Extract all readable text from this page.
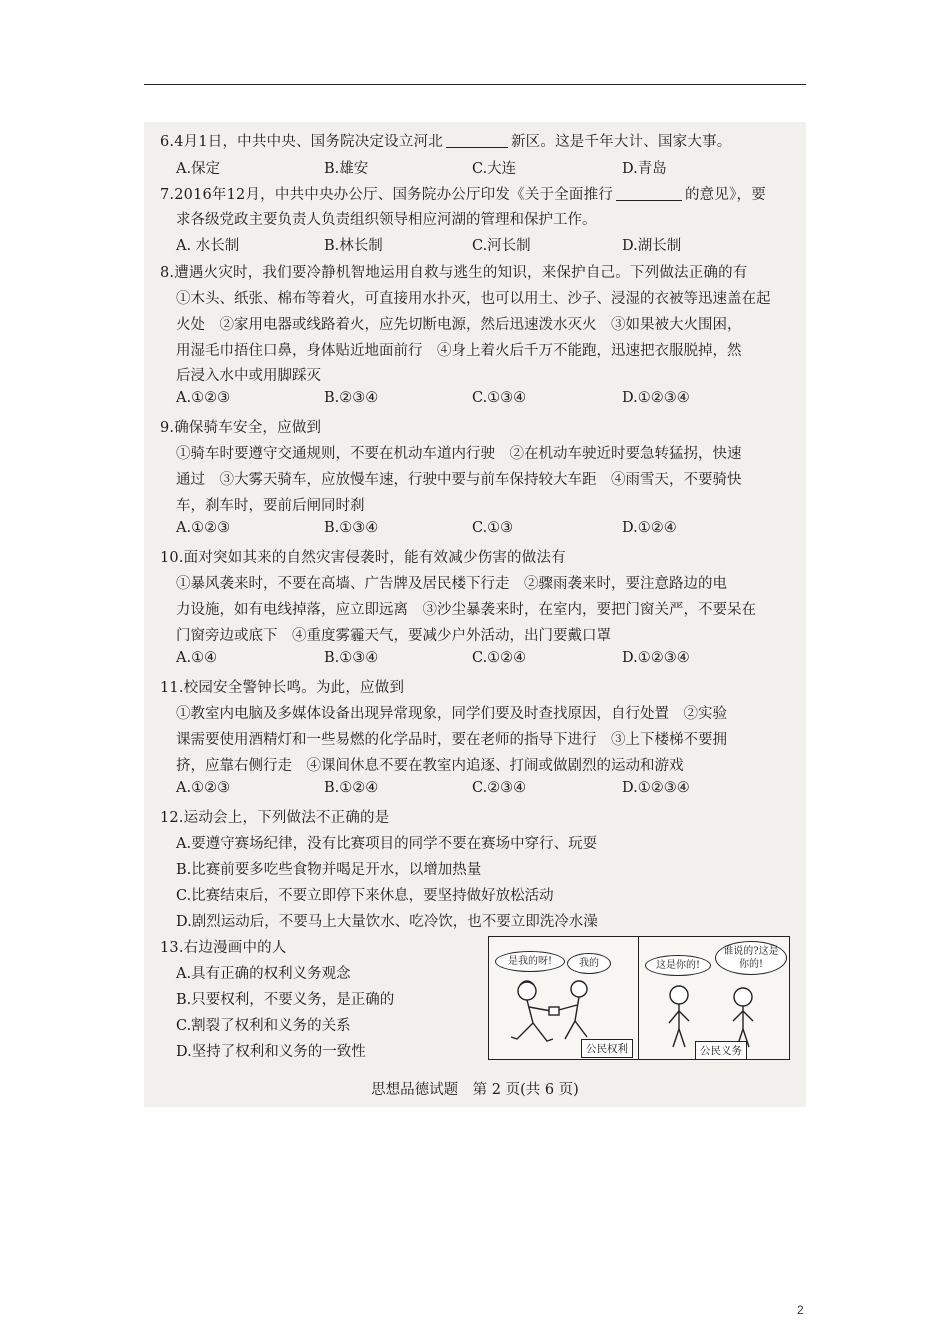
6.4月1日，中共中央、国务院决定设立河北	新区。这是千年大计、国家大事。
A.保定	B.雄安	C.大连	D.青岛
7.2016年12月，中共中央办公厅、国务院办公厅印发《关于全面推行	的意见》，要
求各级党政主要负责人负责组织领导相应河湖的管理和保护工作。
A. 水长制	B.林长制	C.河长制	D.湖长制
8.遭遇火灾时，我们要冷静机智地运用自救与逃生的知识，来保护自己。下列做法正确的有
①木头、纸张、棉布等着火，可直接用水扑灭，也可以用土、沙子、浸湿的衣被等迅速盖在起
火处　②家用电器或线路着火，应先切断电源，然后迅速泼水灭火　③如果被大火围困，
用湿毛巾捂住口鼻，身体贴近地面前行　④身上着火后千万不能跑，迅速把衣服脱掉，然
后浸入水中或用脚踩灭
A.①②③	B.②③④	C.①③④	D.①②③④
9.确保骑车安全，应做到
①骑车时要遵守交通规则，不要在机动车道内行驶　②在机动车驶近时要急转猛拐，快速
通过　③大雾天骑车，应放慢车速，行驶中要与前车保持较大车距　④雨雪天，不要骑快
车，刹车时，要前后闸同时刹
A.①②③	B.①③④	C.①③	D.①②④
10.面对突如其来的自然灾害侵袭时，能有效减少伤害的做法有
①暴风袭来时，不要在高墙、广告牌及居民楼下行走　②骤雨袭来时，要注意路边的电
力设施，如有电线掉落，应立即远离　③沙尘暴袭来时，在室内，要把门窗关严，不要呆在
门窗旁边或底下　④重度雾霾天气，要减少户外活动，出门要戴口罩
A.①④	B.①③④	C.①②④	D.①②③④
11.校园安全警钟长鸣。为此，应做到
①教室内电脑及多媒体设备出现异常现象，同学们要及时查找原因，自行处置　②实验
课需要使用酒精灯和一些易燃的化学品时，要在老师的指导下进行　③上下楼梯不要拥
挤，应靠右侧行走　④课间休息不要在教室内追逐、打闹或做剧烈的运动和游戏
A.①②③	B.①②④	C.②③④	D.①②③④
12.运动会上，下列做法不正确的是
A.要遵守赛场纪律，没有比赛项目的同学不要在赛场中穿行、玩耍
B.比赛前要多吃些食物并喝足开水，以增加热量
C.比赛结束后，不要立即停下来休息，要坚持做好放松活动
D.剧烈运动后，不要马上大量饮水、吃冷饮，也不要立即洗冷水澡
13.右边漫画中的人
A.具有正确的权利义务观念
B.只要权利，不要义务，是正确的
C.割裂了权利和义务的关系
D.坚持了权利和义务的一致性
是我的呀!	我的
公民权利
这是你的!
谁说的?这是你的!
公民义务
思想品德试题　第 2 页(共 6 页)
2
